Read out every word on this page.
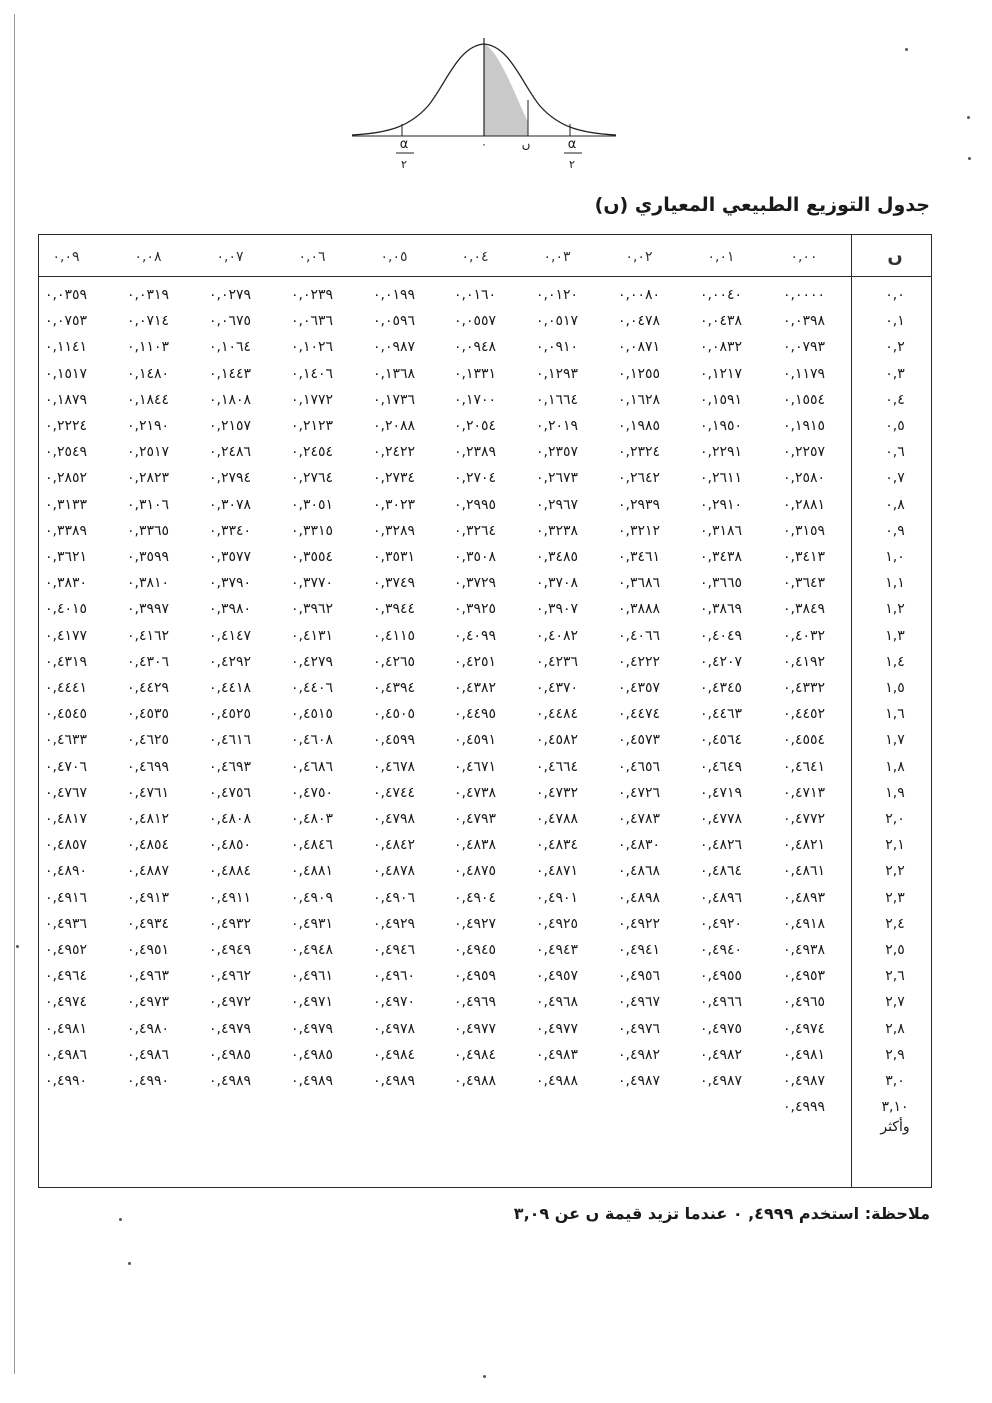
٠	ں
α
٢
α
٢
جدول التوزيع الطبيعي المعياري (ں)
ں
٠,٠٠
٠,٠١
٠,٠٢
٠,٠٣
٠,٠٤
٠,٠٥
٠,٠٦
٠,٠٧
٠,٠٨
٠,٠٩
٠,٠
٠,٠٠٠٠
٠,٠٠٤٠
٠,٠٠٨٠
٠,٠١٢٠
٠,٠١٦٠
٠,٠١٩٩
٠,٠٢٣٩
٠,٠٢٧٩
٠,٠٣١٩
٠,٠٣٥٩
٠,١
٠,٠٣٩٨
٠,٠٤٣٨
٠,٠٤٧٨
٠,٠٥١٧
٠,٠٥٥٧
٠,٠٥٩٦
٠,٠٦٣٦
٠,٠٦٧٥
٠,٠٧١٤
٠,٠٧٥٣
٠,٢
٠,٠٧٩٣
٠,٠٨٣٢
٠,٠٨٧١
٠,٠٩١٠
٠,٠٩٤٨
٠,٠٩٨٧
٠,١٠٢٦
٠,١٠٦٤
٠,١١٠٣
٠,١١٤١
٠,٣
٠,١١٧٩
٠,١٢١٧
٠,١٢٥٥
٠,١٢٩٣
٠,١٣٣١
٠,١٣٦٨
٠,١٤٠٦
٠,١٤٤٣
٠,١٤٨٠
٠,١٥١٧
٠,٤
٠,١٥٥٤
٠,١٥٩١
٠,١٦٢٨
٠,١٦٦٤
٠,١٧٠٠
٠,١٧٣٦
٠,١٧٧٢
٠,١٨٠٨
٠,١٨٤٤
٠,١٨٧٩
٠,٥
٠,١٩١٥
٠,١٩٥٠
٠,١٩٨٥
٠,٢٠١٩
٠,٢٠٥٤
٠,٢٠٨٨
٠,٢١٢٣
٠,٢١٥٧
٠,٢١٩٠
٠,٢٢٢٤
٠,٦
٠,٢٢٥٧
٠,٢٢٩١
٠,٢٣٢٤
٠,٢٣٥٧
٠,٢٣٨٩
٠,٢٤٢٢
٠,٢٤٥٤
٠,٢٤٨٦
٠,٢٥١٧
٠,٢٥٤٩
٠,٧
٠,٢٥٨٠
٠,٢٦١١
٠,٢٦٤٢
٠,٢٦٧٣
٠,٢٧٠٤
٠,٢٧٣٤
٠,٢٧٦٤
٠,٢٧٩٤
٠,٢٨٢٣
٠,٢٨٥٢
٠,٨
٠,٢٨٨١
٠,٢٩١٠
٠,٢٩٣٩
٠,٢٩٦٧
٠,٢٩٩٥
٠,٣٠٢٣
٠,٣٠٥١
٠,٣٠٧٨
٠,٣١٠٦
٠,٣١٣٣
٠,٩
٠,٣١٥٩
٠,٣١٨٦
٠,٣٢١٢
٠,٣٢٣٨
٠,٣٢٦٤
٠,٣٢٨٩
٠,٣٣١٥
٠,٣٣٤٠
٠,٣٣٦٥
٠,٣٣٨٩
١,٠
٠,٣٤١٣
٠,٣٤٣٨
٠,٣٤٦١
٠,٣٤٨٥
٠,٣٥٠٨
٠,٣٥٣١
٠,٣٥٥٤
٠,٣٥٧٧
٠,٣٥٩٩
٠,٣٦٢١
١,١
٠,٣٦٤٣
٠,٣٦٦٥
٠,٣٦٨٦
٠,٣٧٠٨
٠,٣٧٢٩
٠,٣٧٤٩
٠,٣٧٧٠
٠,٣٧٩٠
٠,٣٨١٠
٠,٣٨٣٠
١,٢
٠,٣٨٤٩
٠,٣٨٦٩
٠,٣٨٨٨
٠,٣٩٠٧
٠,٣٩٢٥
٠,٣٩٤٤
٠,٣٩٦٢
٠,٣٩٨٠
٠,٣٩٩٧
٠,٤٠١٥
١,٣
٠,٤٠٣٢
٠,٤٠٤٩
٠,٤٠٦٦
٠,٤٠٨٢
٠,٤٠٩٩
٠,٤١١٥
٠,٤١٣١
٠,٤١٤٧
٠,٤١٦٢
٠,٤١٧٧
١,٤
٠,٤١٩٢
٠,٤٢٠٧
٠,٤٢٢٢
٠,٤٢٣٦
٠,٤٢٥١
٠,٤٢٦٥
٠,٤٢٧٩
٠,٤٢٩٢
٠,٤٣٠٦
٠,٤٣١٩
١,٥
٠,٤٣٣٢
٠,٤٣٤٥
٠,٤٣٥٧
٠,٤٣٧٠
٠,٤٣٨٢
٠,٤٣٩٤
٠,٤٤٠٦
٠,٤٤١٨
٠,٤٤٢٩
٠,٤٤٤١
١,٦
٠,٤٤٥٢
٠,٤٤٦٣
٠,٤٤٧٤
٠,٤٤٨٤
٠,٤٤٩٥
٠,٤٥٠٥
٠,٤٥١٥
٠,٤٥٢٥
٠,٤٥٣٥
٠,٤٥٤٥
١,٧
٠,٤٥٥٤
٠,٤٥٦٤
٠,٤٥٧٣
٠,٤٥٨٢
٠,٤٥٩١
٠,٤٥٩٩
٠,٤٦٠٨
٠,٤٦١٦
٠,٤٦٢٥
٠,٤٦٣٣
١,٨
٠,٤٦٤١
٠,٤٦٤٩
٠,٤٦٥٦
٠,٤٦٦٤
٠,٤٦٧١
٠,٤٦٧٨
٠,٤٦٨٦
٠,٤٦٩٣
٠,٤٦٩٩
٠,٤٧٠٦
١,٩
٠,٤٧١٣
٠,٤٧١٩
٠,٤٧٢٦
٠,٤٧٣٢
٠,٤٧٣٨
٠,٤٧٤٤
٠,٤٧٥٠
٠,٤٧٥٦
٠,٤٧٦١
٠,٤٧٦٧
٢,٠
٠,٤٧٧٢
٠,٤٧٧٨
٠,٤٧٨٣
٠,٤٧٨٨
٠,٤٧٩٣
٠,٤٧٩٨
٠,٤٨٠٣
٠,٤٨٠٨
٠,٤٨١٢
٠,٤٨١٧
٢,١
٠,٤٨٢١
٠,٤٨٢٦
٠,٤٨٣٠
٠,٤٨٣٤
٠,٤٨٣٨
٠,٤٨٤٢
٠,٤٨٤٦
٠,٤٨٥٠
٠,٤٨٥٤
٠,٤٨٥٧
٢,٢
٠,٤٨٦١
٠,٤٨٦٤
٠,٤٨٦٨
٠,٤٨٧١
٠,٤٨٧٥
٠,٤٨٧٨
٠,٤٨٨١
٠,٤٨٨٤
٠,٤٨٨٧
٠,٤٨٩٠
٢,٣
٠,٤٨٩٣
٠,٤٨٩٦
٠,٤٨٩٨
٠,٤٩٠١
٠,٤٩٠٤
٠,٤٩٠٦
٠,٤٩٠٩
٠,٤٩١١
٠,٤٩١٣
٠,٤٩١٦
٢,٤
٠,٤٩١٨
٠,٤٩٢٠
٠,٤٩٢٢
٠,٤٩٢٥
٠,٤٩٢٧
٠,٤٩٢٩
٠,٤٩٣١
٠,٤٩٣٢
٠,٤٩٣٤
٠,٤٩٣٦
٢,٥
٠,٤٩٣٨
٠,٤٩٤٠
٠,٤٩٤١
٠,٤٩٤٣
٠,٤٩٤٥
٠,٤٩٤٦
٠,٤٩٤٨
٠,٤٩٤٩
٠,٤٩٥١
٠,٤٩٥٢
٢,٦
٠,٤٩٥٣
٠,٤٩٥٥
٠,٤٩٥٦
٠,٤٩٥٧
٠,٤٩٥٩
٠,٤٩٦٠
٠,٤٩٦١
٠,٤٩٦٢
٠,٤٩٦٣
٠,٤٩٦٤
٢,٧
٠,٤٩٦٥
٠,٤٩٦٦
٠,٤٩٦٧
٠,٤٩٦٨
٠,٤٩٦٩
٠,٤٩٧٠
٠,٤٩٧١
٠,٤٩٧٢
٠,٤٩٧٣
٠,٤٩٧٤
٢,٨
٠,٤٩٧٤
٠,٤٩٧٥
٠,٤٩٧٦
٠,٤٩٧٧
٠,٤٩٧٧
٠,٤٩٧٨
٠,٤٩٧٩
٠,٤٩٧٩
٠,٤٩٨٠
٠,٤٩٨١
٢,٩
٠,٤٩٨١
٠,٤٩٨٢
٠,٤٩٨٢
٠,٤٩٨٣
٠,٤٩٨٤
٠,٤٩٨٤
٠,٤٩٨٥
٠,٤٩٨٥
٠,٤٩٨٦
٠,٤٩٨٦
٣,٠
٠,٤٩٨٧
٠,٤٩٨٧
٠,٤٩٨٧
٠,٤٩٨٨
٠,٤٩٨٨
٠,٤٩٨٩
٠,٤٩٨٩
٠,٤٩٨٩
٠,٤٩٩٠
٠,٤٩٩٠
٣,١٠
٠,٤٩٩٩
وأكثر
ملاحظة: استخدم ٤٩٩٩, ٠ عندما تزيد قيمة ں عن ٣,٠٩
